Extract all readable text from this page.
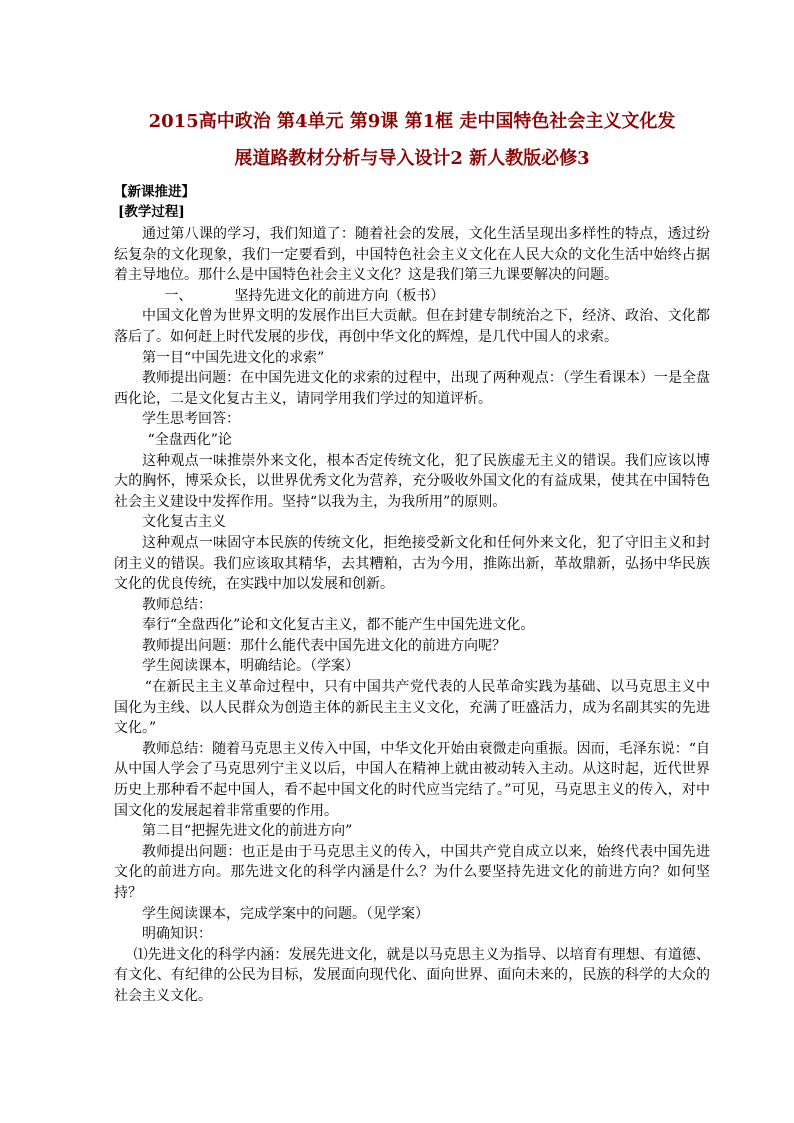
2015高中政治 第4单元 第9课 第1框 走中国特色社会主义文化发
展道路教材分析与导入设计2 新人教版必修3
【新课推进】
[教学过程]

通过第八课的学习，我们知道了：随着社会的发展，文化生活呈现出多样性的特点，透过纷纭复杂的文化现象，我们一定要看到，中国特色社会主义文化在人民大众的文化生活中始终占据着主导地位。那什么是中国特色社会主义文化？这是我们第三九课要解决的问题。

一、	坚持先进文化的前进方向（板书）

中国文化曾为世界文明的发展作出巨大贡献。但在封建专制统治之下，经济、政治、文化都落后了。如何赶上时代发展的步伐，再创中华文化的辉煌，是几代中国人的求索。

第一目“中国先进文化的求索”

教师提出问题：在中国先进文化的求索的过程中，出现了两种观点：（学生看课本）一是全盘西化论，二是文化复古主义，请同学用我们学过的知道评析。

学生思考回答：

“全盘西化”论

这种观点一味推崇外来文化，根本否定传统文化，犯了民族虚无主义的错误。我们应该以博大的胸怀，博采众长，以世界优秀文化为营养，充分吸收外国文化的有益成果，使其在中国特色社会主义建设中发挥作用。坚持“以我为主，为我所用”的原则。

文化复古主义

这种观点一味固守本民族的传统文化，拒绝接受新文化和任何外来文化，犯了守旧主义和封闭主义的错误。我们应该取其精华，去其糟粕，古为今用，推陈出新，革故鼎新，弘扬中华民族文化的优良传统，在实践中加以发展和创新。

教师总结：

奉行“全盘西化”论和文化复古主义，都不能产生中国先进文化。

教师提出问题：那什么能代表中国先进文化的前进方向呢？

学生阅读课本，明确结论。（学案）

“在新民主主义革命过程中，只有中国共产党代表的人民革命实践为基础、以马克思主义中国化为主线、以人民群众为创造主体的新民主主义文化，充满了旺盛活力，成为名副其实的先进文化。”

教师总结：随着马克思主义传入中国，中华文化开始由衰微走向重振。因而，毛泽东说：“自从中国人学会了马克思列宁主义以后，中国人在精神上就由被动转入主动。从这时起，近代世界历史上那种看不起中国人，看不起中国文化的时代应当完结了。”可见，马克思主义的传入，对中国文化的发展起着非常重要的作用。

第二目“把握先进文化的前进方向”

教师提出问题：也正是由于马克思主义的传入，中国共产党自成立以来，始终代表中国先进文化的前进方向。那先进文化的科学内涵是什么？为什么要坚持先进文化的前进方向？如何坚持？

学生阅读课本，完成学案中的问题。（见学案）

明确知识：

⑴先进文化的科学内涵：发展先进文化，就是以马克思主义为指导、以培育有理想、有道德、有文化、有纪律的公民为目标，发展面向现代化、面向世界、面向未来的，民族的科学的大众的社会主义文化。
